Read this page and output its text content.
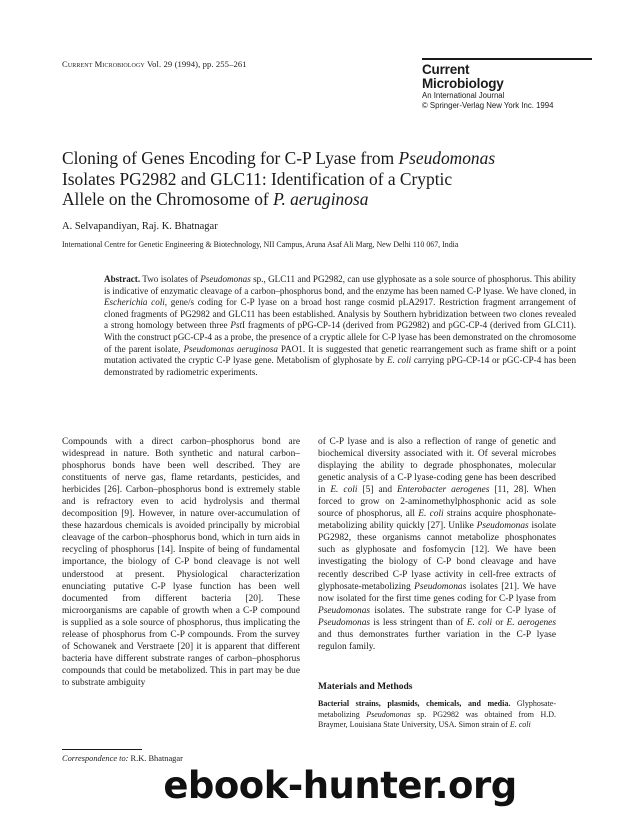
Current Microbiology Vol. 29 (1994), pp. 255–261	Current
Microbiology
An International Journal
© Springer-Verlag New York Inc. 1994
Cloning of Genes Encoding for C-P Lyase from Pseudomonas
Isolates PG2982 and GLC11: Identification of a Cryptic
Allele on the Chromosome of P. aeruginosa
A. Selvapandiyan, Raj. K. Bhatnagar
International Centre for Genetic Engineering & Biotechnology, NII Campus, Aruna Asaf Ali Marg, New Delhi 110 067, India
Abstract. Two isolates of Pseudomonas sp., GLC11 and PG2982, can use glyphosate as a sole source of phosphorus. This ability is indicative of enzymatic cleavage of a carbon–phosphorus bond, and the enzyme has been named C-P lyase. We have cloned, in Escherichia coli, gene/s coding for C-P lyase on a broad host range cosmid pLA2917. Restriction fragment arrangement of cloned fragments of PG2982 and GLC11 has been established. Analysis by Southern hybridization between two clones revealed a strong homology between three PstI fragments of pPG-CP-14 (derived from PG2982) and pGC-CP-4 (derived from GLC11). With the construct pGC-CP-4 as a probe, the presence of a cryptic allele for C-P lyase has been demonstrated on the chromosome of the parent isolate, Pseudomonas aeruginosa PAO1. It is suggested that genetic rearrangement such as frame shift or a point mutation activated the cryptic C-P lyase gene. Metabolism of glyphosate by E. coli carrying pPG-CP-14 or pGC-CP-4 has been demonstrated by radiometric experiments.
Compounds with a direct carbon–phosphorus bond are widespread in nature. Both synthetic and natural carbon–phosphorus bonds have been well described. They are constituents of nerve gas, flame retardants, pesticides, and herbicides [26]. Carbon–phosphorus bond is extremely stable and is refractory even to acid hydrolysis and thermal decomposition [9]. However, in nature over-accumulation of these hazardous chemicals is avoided principally by microbial cleavage of the carbon–phosphorus bond, which in turn aids in recycling of phosphorus [14]. Inspite of being of fundamental importance, the biology of C-P bond cleavage is not well understood at present. Physiological characterization enunciating putative C-P lyase function has been well documented from different bacteria [20]. These microorganisms are capable of growth when a C-P compound is supplied as a sole source of phosphorus, thus implicating the release of phosphorus from C-P compounds. From the survey of Schowanek and Verstraete [20] it is apparent that different bacteria have different substrate ranges of carbon–phosphorus compounds that could be metabolized. This in part may be due to substrate ambiguity
of C-P lyase and is also a reflection of range of genetic and biochemical diversity associated with it. Of several microbes displaying the ability to degrade phosphonates, molecular genetic analysis of a C-P lyase-coding gene has been described in E. coli [5] and Enterobacter aerogenes [11, 28]. When forced to grow on 2-aminomethylphosphonic acid as sole source of phosphorus, all E. coli strains acquire phosphonate-metabolizing ability quickly [27]. Unlike Pseudomonas isolate PG2982, these organisms cannot metabolize phosphonates such as glyphosate and fosfomycin [12]. We have been investigating the biology of C-P bond cleavage and have recently described C-P lyase activity in cell-free extracts of glyphosate-metabolizing Pseudomonas isolates [21]. We have now isolated for the first time genes coding for C-P lyase from Pseudomonas isolates. The substrate range for C-P lyase of Pseudomonas is less stringent than of E. coli or E. aerogenes and thus demonstrates further variation in the C-P lyase regulon family.
Materials and Methods
Bacterial strains, plasmids, chemicals, and media. Glyphosate-metabolizing Pseudomonas sp. PG2982 was obtained from H.D. Braymer, Louisiana State University, USA. Simon strain of E. coli
Correspondence to: R.K. Bhatnagar
ebook-hunter.org
